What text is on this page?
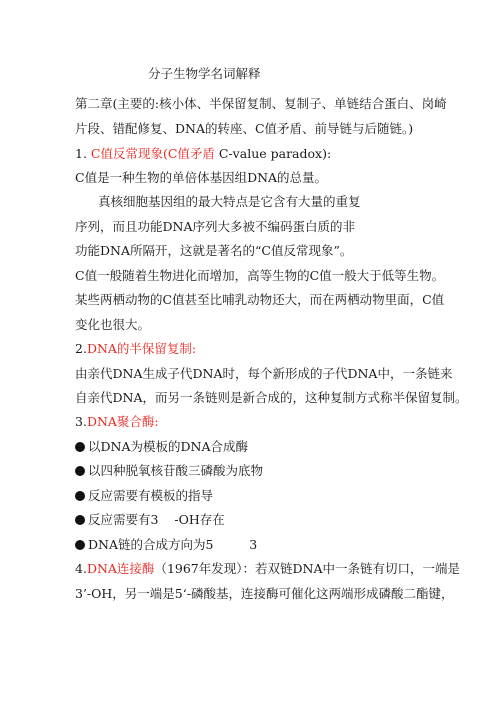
分子生物学名词解释
第二章(主要的:核小体、半保留复制、复制子、单链结合蛋白、岗崎
片段、错配修复、DNA的转座、C值矛盾、前导链与后随链。)
1. C值反常现象(C值矛盾 C-value paradox):
C值是一种生物的单倍体基因组DNA的总量。
真核细胞基因组的最大特点是它含有大量的重复
序列，而且功能DNA序列大多被不编码蛋白质的非
功能DNA所隔开，这就是著名的“C值反常现象”。
C值一般随着生物进化而增加，高等生物的C值一般大于低等生物。
某些两栖动物的C值甚至比哺乳动物还大，而在两栖动物里面，C值
变化也很大。
2.DNA的半保留复制:
由亲代DNA生成子代DNA时，每个新形成的子代DNA中，一条链来
自亲代DNA，而另一条链则是新合成的，这种复制方式称半保留复制。
3.DNA聚合酶:
以DNA为模板的DNA合成酶
以四种脱氧核苷酸三磷酸为底物
反应需要有模板的指导
反应需要有3    -OH存在
DNA链的合成方向为5         3
4.DNA连接酶（1967年发现）：若双链DNA中一条链有切口，一端是
3’-OH，另一端是5‘-磷酸基，连接酶可催化这两端形成磷酸二酯键，
